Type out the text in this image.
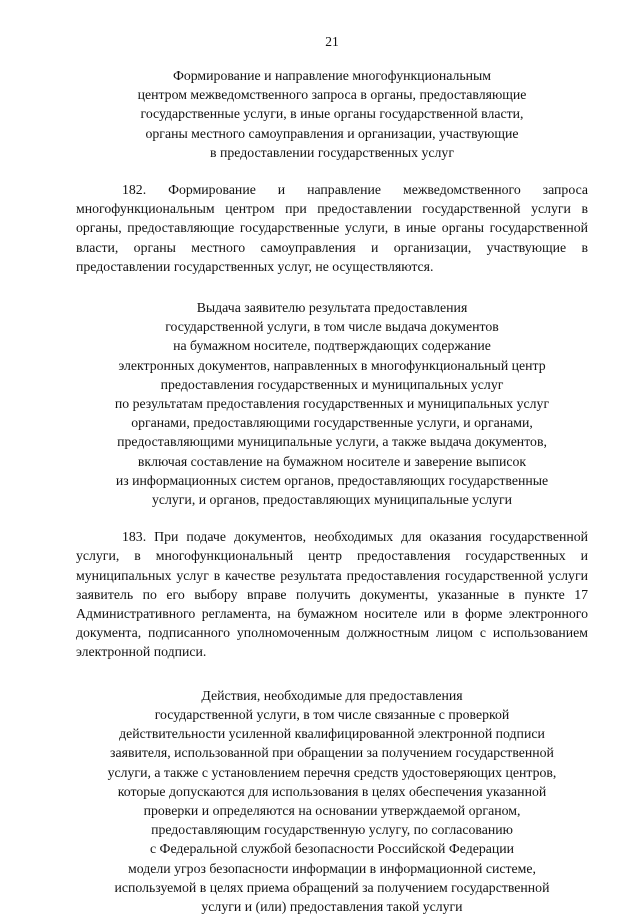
21
Формирование и направление многофункциональным
центром межведомственного запроса в органы, предоставляющие
государственные услуги, в иные органы государственной власти,
органы местного самоуправления и организации, участвующие
в предоставлении государственных услуг

182. Формирование и направление межведомственного запроса многофункциональным центром при предоставлении государственной услуги в органы, предоставляющие государственные услуги, в иные органы государственной власти, органы местного самоуправления и организации, участвующие в предоставлении государственных услуг, не осуществляются.

Выдача заявителю результата предоставления
государственной услуги, в том числе выдача документов
на бумажном носителе, подтверждающих содержание
электронных документов, направленных в многофункциональный центр
предоставления государственных и муниципальных услуг
по результатам предоставления государственных и муниципальных услуг
органами, предоставляющими государственные услуги, и органами,
предоставляющими муниципальные услуги, а также выдача документов,
включая составление на бумажном носителе и заверение выписок
из информационных систем органов, предоставляющих государственные
услуги, и органов, предоставляющих муниципальные услуги

183. При подаче документов, необходимых для оказания государственной услуги, в многофункциональный центр предоставления государственных и муниципальных услуг в качестве результата предоставления государственной услуги заявитель по его выбору вправе получить документы, указанные в пункте 17 Административного регламента, на бумажном носителе или в форме электронного документа, подписанного уполномоченным должностным лицом с использованием электронной подписи.

Действия, необходимые для предоставления
государственной услуги, в том числе связанные с проверкой
действительности усиленной квалифицированной электронной подписи
заявителя, использованной при обращении за получением государственной
услуги, а также с установлением перечня средств удостоверяющих центров,
которые допускаются для использования в целях обеспечения указанной
проверки и определяются на основании утверждаемой органом,
предоставляющим государственную услугу, по согласованию
с Федеральной службой безопасности Российской Федерации
модели угроз безопасности информации в информационной системе,
используемой в целях приема обращений за получением государственной
услуги и (или) предоставления такой услуги
